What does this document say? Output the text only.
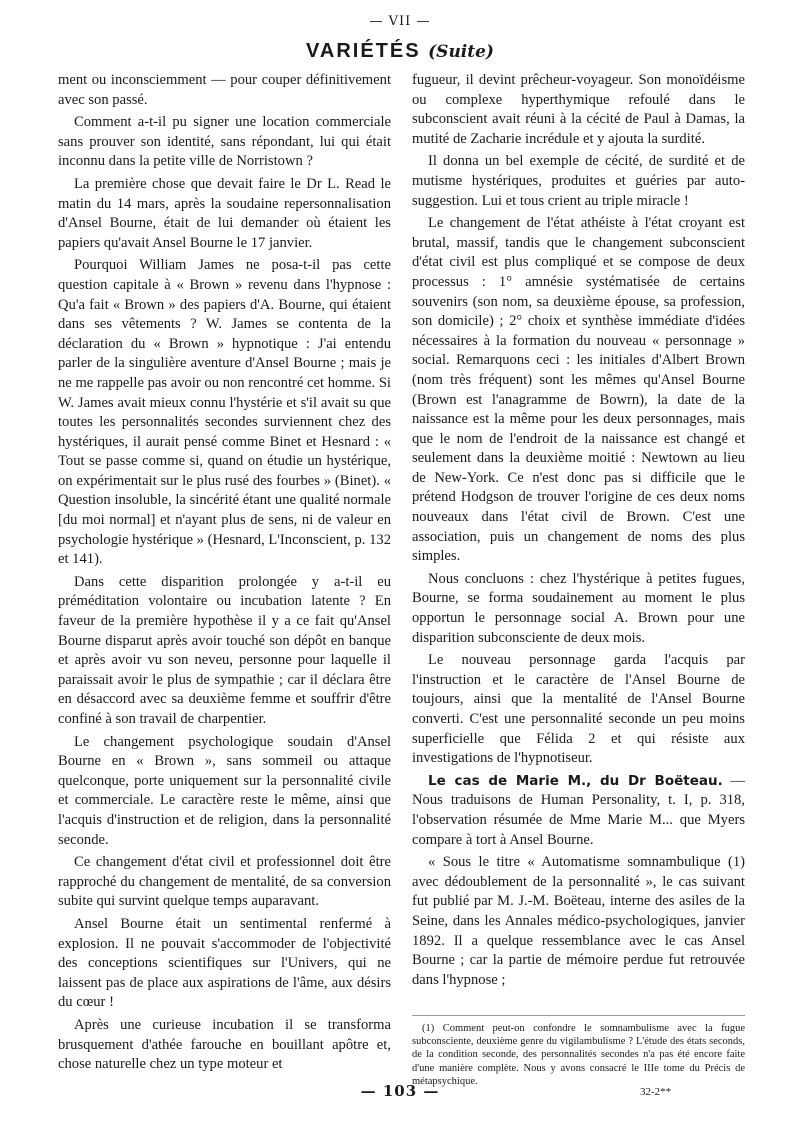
— VII —
VARIÉTÉS (Suite)

ment ou inconsciemment — pour couper définitivement avec son passé.

Comment a-t-il pu signer une location commerciale sans prouver son identité, sans répondant, lui qui était inconnu dans la petite ville de Norristown ?

La première chose que devait faire le Dr L. Read le matin du 14 mars, après la soudaine repersonnalisation d'Ansel Bourne, était de lui demander où étaient les papiers qu'avait Ansel Bourne le 17 janvier.

Pourquoi William James ne posa-t-il pas cette question capitale à « Brown » revenu dans l'hypnose : Qu'a fait « Brown » des papiers d'A. Bourne, qui étaient dans ses vêtements ? W. James se contenta de la déclaration du « Brown » hypnotique : J'ai entendu parler de la singulière aventure d'Ansel Bourne ; mais je ne me rappelle pas avoir ou non rencontré cet homme. Si W. James avait mieux connu l'hystérie et s'il avait su que toutes les personnalités secondes surviennent chez des hystériques, il aurait pensé comme Binet et Hesnard : « Tout se passe comme si, quand on étudie un hystérique, on expérimentait sur le plus rusé des fourbes » (Binet). « Question insoluble, la sincérité étant une qualité normale [du moi normal] et n'ayant plus de sens, ni de valeur en psychologie hystérique » (Hesnard, L'Inconscient, p. 132 et 141).

Dans cette disparition prolongée y a-t-il eu préméditation volontaire ou incubation latente ? En faveur de la première hypothèse il y a ce fait qu'Ansel Bourne disparut après avoir touché son dépôt en banque et après avoir vu son neveu, personne pour laquelle il paraissait avoir le plus de sympathie ; car il déclara être en désaccord avec sa deuxième femme et souffrir d'être confiné à son travail de charpentier.

Le changement psychologique soudain d'Ansel Bourne en « Brown », sans sommeil ou attaque quelconque, porte uniquement sur la personnalité civile et commerciale. Le caractère reste le même, ainsi que l'acquis d'instruction et de religion, dans la personnalité seconde.

Ce changement d'état civil et professionnel doit être rapproché du changement de mentalité, de sa conversion subite qui survint quelque temps auparavant.

Ansel Bourne était un sentimental renfermé à explosion. Il ne pouvait s'accommoder de l'objectivité des conceptions scientifiques sur l'Univers, qui ne laissent pas de place aux aspirations de l'âme, aux désirs du cœur !

Après une curieuse incubation il se transforma brusquement d'athée farouche en bouillant apôtre et, chose naturelle chez un type moteur et

fugueur, il devint prêcheur-voyageur. Son monoïdéisme ou complexe hyperthymique refoulé dans le subconscient avait réuni à la cécité de Paul à Damas, la mutité de Zacharie incrédule et y ajouta la surdité.

Il donna un bel exemple de cécité, de surdité et de mutisme hystériques, produites et guéries par auto-suggestion. Lui et tous crient au triple miracle !

Le changement de l'état athéiste à l'état croyant est brutal, massif, tandis que le changement subconscient d'état civil est plus compliqué et se compose de deux processus : 1° amnésie systématisée de certains souvenirs (son nom, sa deuxième épouse, sa profession, son domicile) ; 2° choix et synthèse immédiate d'idées nécessaires à la formation du nouveau « personnage » social. Remarquons ceci : les initiales d'Albert Brown (nom très fréquent) sont les mêmes qu'Ansel Bourne (Brown est l'anagramme de Bowrn), la date de la naissance est la même pour les deux personnages, mais que le nom de l'endroit de la naissance est changé et seulement dans la deuxième moitié : Newtown au lieu de New-York. Ce n'est donc pas si difficile que le prétend Hodgson de trouver l'origine de ces deux noms nouveaux dans l'état civil de Brown. C'est une association, puis un changement de noms des plus simples.

Nous concluons : chez l'hystérique à petites fugues, Bourne, se forma soudainement au moment le plus opportun le personnage social A. Brown pour une disparition subconsciente de deux mois.

Le nouveau personnage garda l'acquis par l'instruction et le caractère de l'Ansel Bourne de toujours, ainsi que la mentalité de l'Ansel Bourne converti. C'est une personnalité seconde un peu moins superficielle que Félida 2 et qui résiste aux investigations de l'hypnotiseur.

Le cas de Marie M., du Dr Boëteau. — Nous traduisons de Human Personality, t. I, p. 318, l'observation résumée de Mme Marie M... que Myers compare à tort à Ansel Bourne.

« Sous le titre « Automatisme somnambulique (1) avec dédoublement de la personnalité », le cas suivant fut publié par M. J.-M. Boëteau, interne des asiles de la Seine, dans les Annales médico-psychologiques, janvier 1892. Il a quelque ressemblance avec le cas Ansel Bourne ; car la partie de mémoire perdue fut retrouvée dans l'hypnose ;

(1) Comment peut-on confondre le somnambulisme avec la fugue subconsciente, deuxième genre du vigilambulisme ? L'étude des états seconds, de la condition seconde, des personnalités secondes n'a pas été encore faite d'une manière complète. Nous y avons consacré le IIIe tome du Précis de métapsychique.

— 103 —	32-2**
